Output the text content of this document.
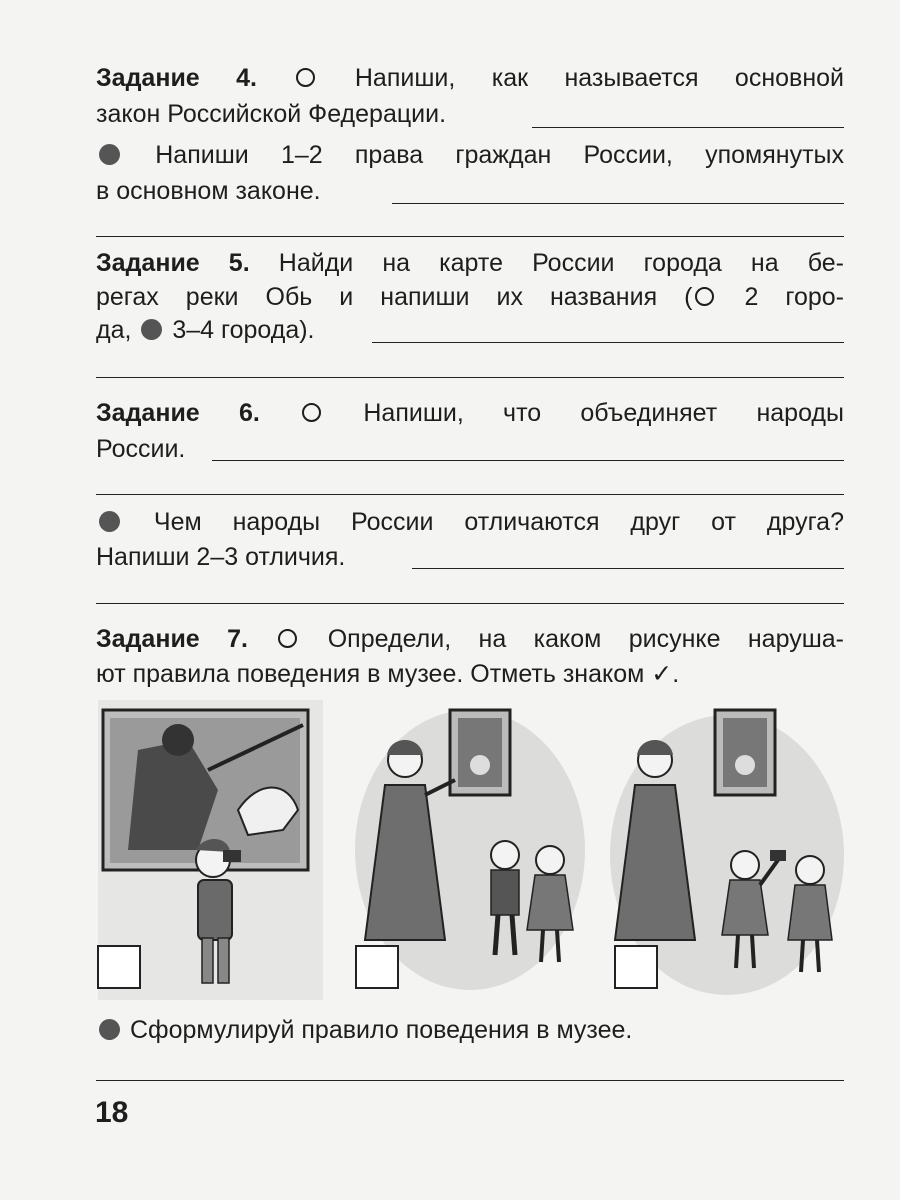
Задание 4.	Напиши, как называется основной
закон Российской Федерации.
Напиши 1–2 права граждан России, упомянутых
в основном законе.
Задание 5. Найди на карте России города на бе-
регах реки Обь и напиши их названия ( 2 горо-
да, 3–4 города).
Задание 6.	Напиши, что объединяет народы
России.
Чем народы России отличаются друг от друга?
Напиши 2–3 отличия.
Задание 7.	Определи, на каком рисунке наруша-
ют правила поведения в музее. Отметь знаком ✓.
Сформулируй правило поведения в музее.
18
